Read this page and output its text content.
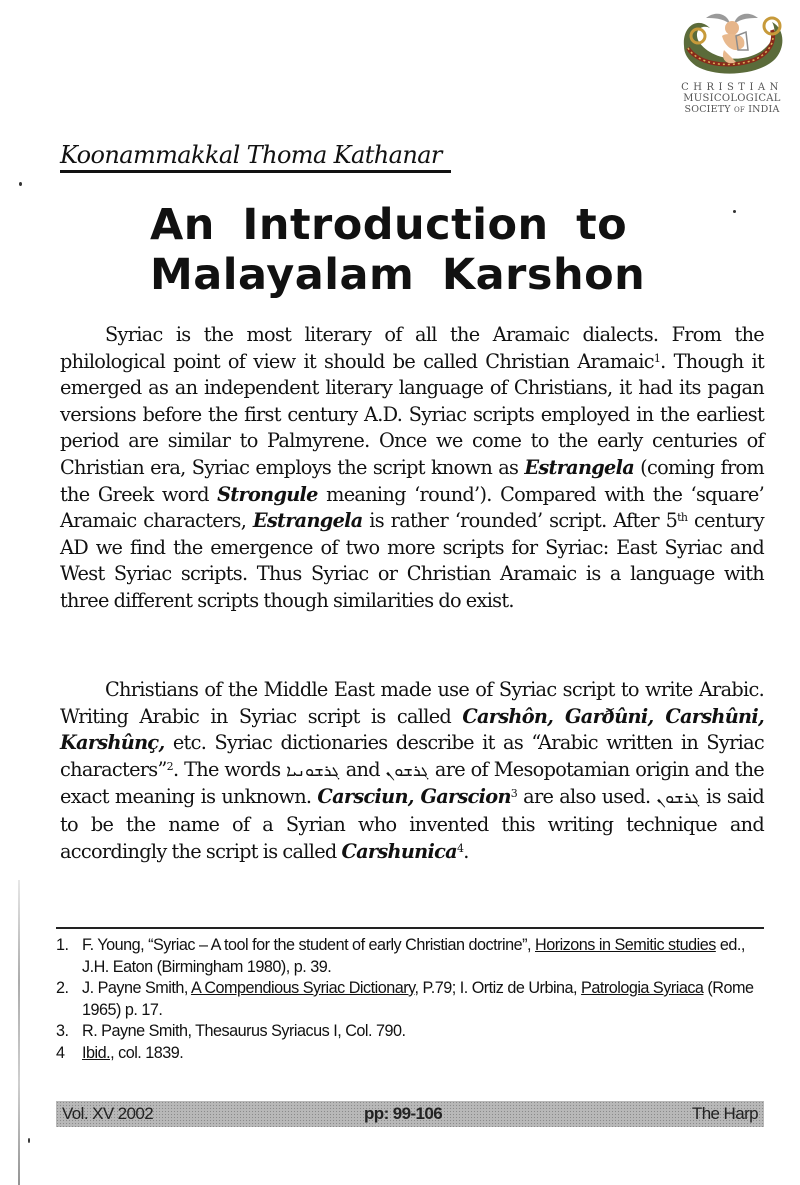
CHRISTIAN
MUSICOLOGICAL
SOCIETY OF INDIA
Koonammakkal Thoma Kathanar
An Introduction to
Malayalam Karshon

Syriac is the most literary of all the Aramaic dialects. From the philological point of view it should be called Christian Aramaic$^1$. Though it emerged as an independent literary language of Christians, it had its pagan versions before the first century A.D. Syriac scripts employed in the earliest period are similar to Palmyrene. Once we come to the early centuries of Christian era, Syriac employs the script known as Estrangela (coming from the Greek word Strongule meaning ‘round’). Compared with the ‘square’ Aramaic characters, Estrangela is rather ‘rounded’ script. After 5th century AD we find the emergence of two more scripts for Syriac: East Syriac and West Syriac scripts. Thus Syriac or Christian Aramaic is a language with three different scripts though similarities do exist.

Christians of the Middle East made use of Syriac script to write Arabic. Writing Arabic in Syriac script is called Carshôn, Garðûni, Carshûni, Karshûnç, etc. Syriac dictionaries describe it as “Arabic written in Syriac characters”$^2$. The words ܓܪܫܘܢܝܐ and ܓܪܫܘܢ are of Mesopotamian origin and the exact meaning is unknown. Carsciun, Garscion$^3$ are also used. ܓܪܫܘܢ is said to be the name of a Syrian who invented this writing technique and accordingly the script is called Carshunica$^4$.

1. F. Young, “Syriac – A tool for the student of early Christian doctrine”, Horizons in Semitic studies ed., J.H. Eaton (Birmingham 1980), p. 39.
2. J. Payne Smith, A Compendious Syriac Dictionary, P.79; I. Ortiz de Urbina, Patrologia Syriaca (Rome 1965) p. 17.
3. R. Payne Smith, Thesaurus Syriacus I, Col. 790.
4	Ibid., col. 1839.
Vol. XV 2002	pp: 99-106	The Harp
